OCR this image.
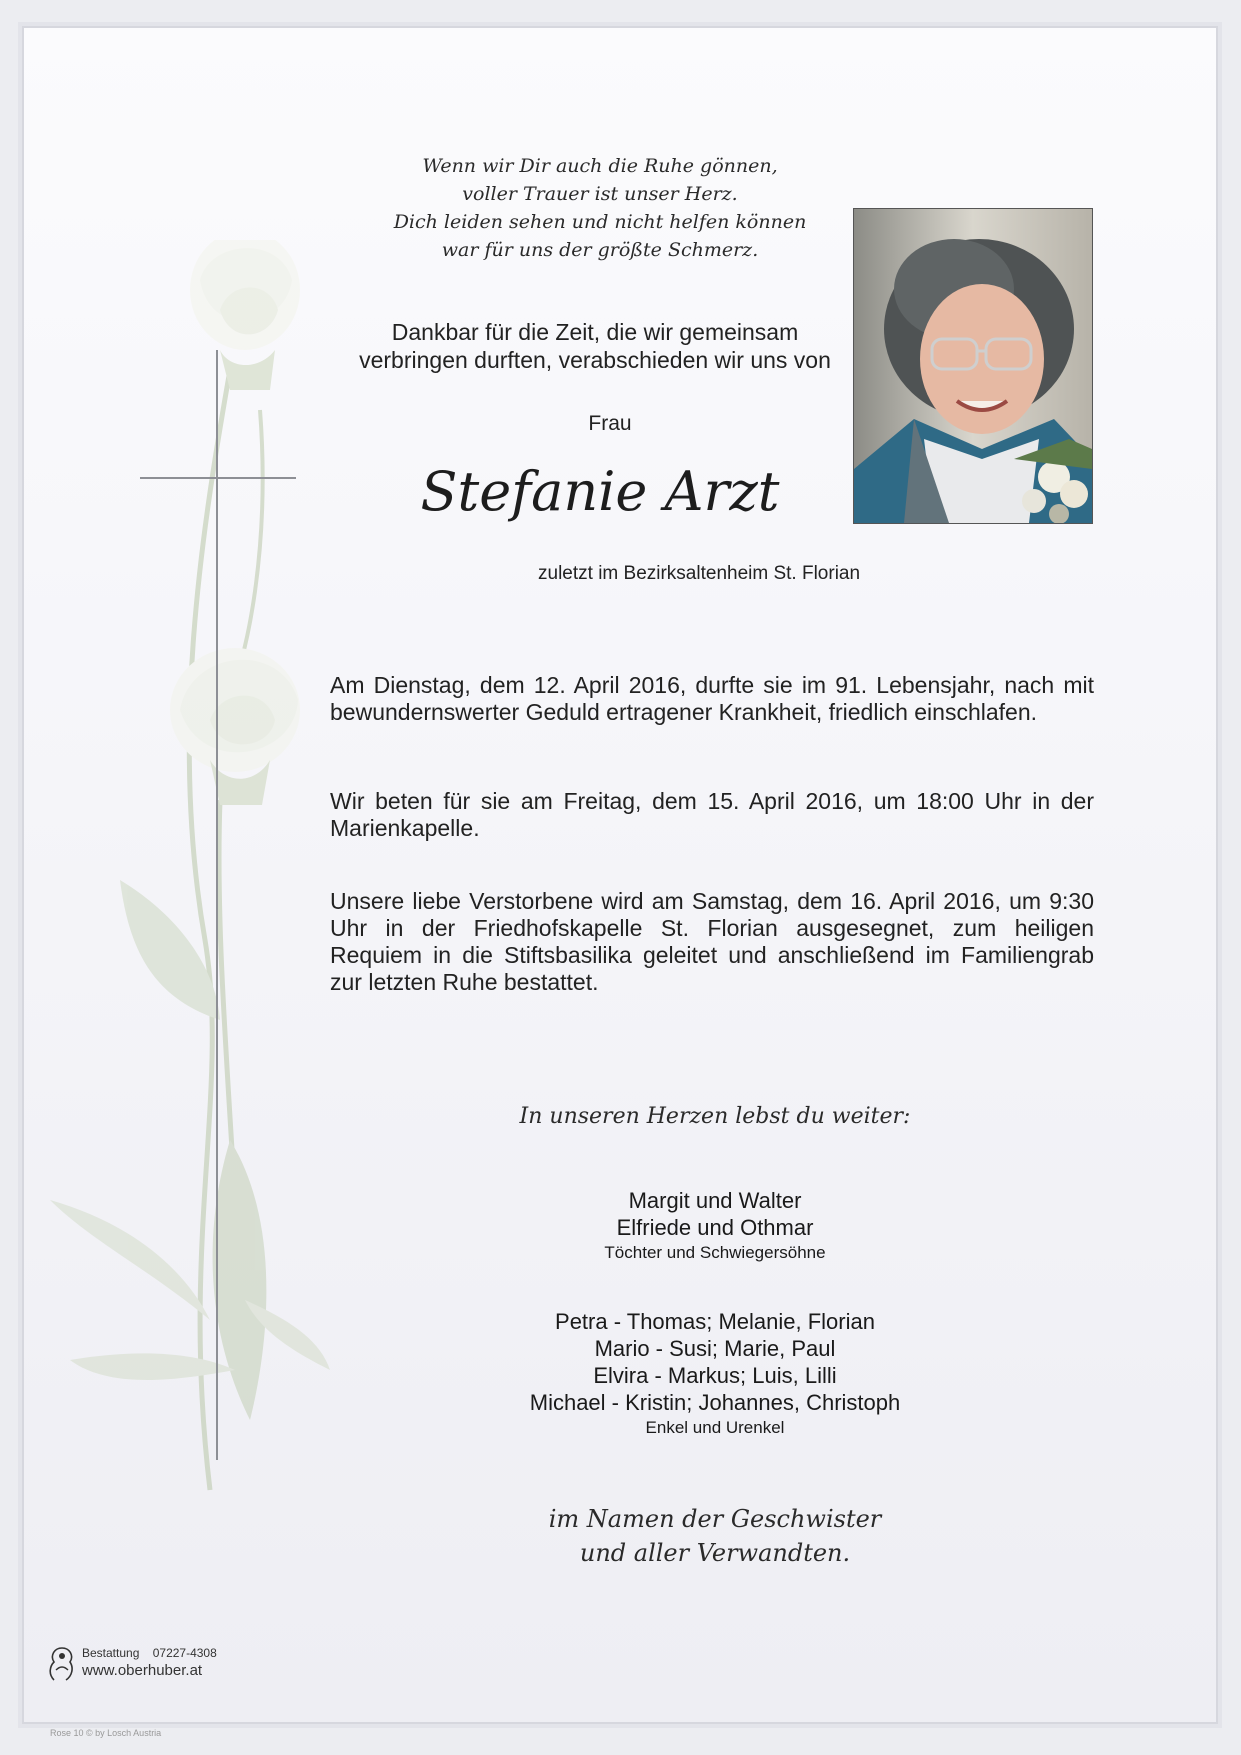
Wenn wir Dir auch die Ruhe gönnen,
voller Trauer ist unser Herz.
Dich leiden sehen und nicht helfen können
war für uns der größte Schmerz.
Dankbar für die Zeit, die wir gemeinsam
verbringen durften, verabschieden wir uns von
Frau
Stefanie Arzt
zuletzt im Bezirksaltenheim St. Florian
Am Dienstag, dem 12. April 2016, durfte sie im 91. Lebensjahr, nach mit bewundernswerter Geduld ertragener Krankheit, friedlich einschlafen.
Wir beten für sie am Freitag, dem 15. April 2016, um 18:00 Uhr in der Marienkapelle.
Unsere liebe Verstorbene wird am Samstag, dem 16. April 2016, um 9:30 Uhr in der Friedhofskapelle St. Florian ausgesegnet, zum heiligen Requiem in die Stiftsbasilika geleitet und anschließend im Familiengrab zur letzten Ruhe bestattet.
In unseren Herzen lebst du weiter:
Margit und Walter
Elfriede und Othmar
Töchter und Schwiegersöhne
Petra - Thomas; Melanie, Florian
Mario - Susi; Marie, Paul
Elvira - Markus; Luis, Lilli
Michael - Kristin; Johannes, Christoph
Enkel und Urenkel
im Namen der Geschwister
und aller Verwandten.
Bestattung 07227-4308
www.oberhuber.at
Rose 10 © by Losch Austria
